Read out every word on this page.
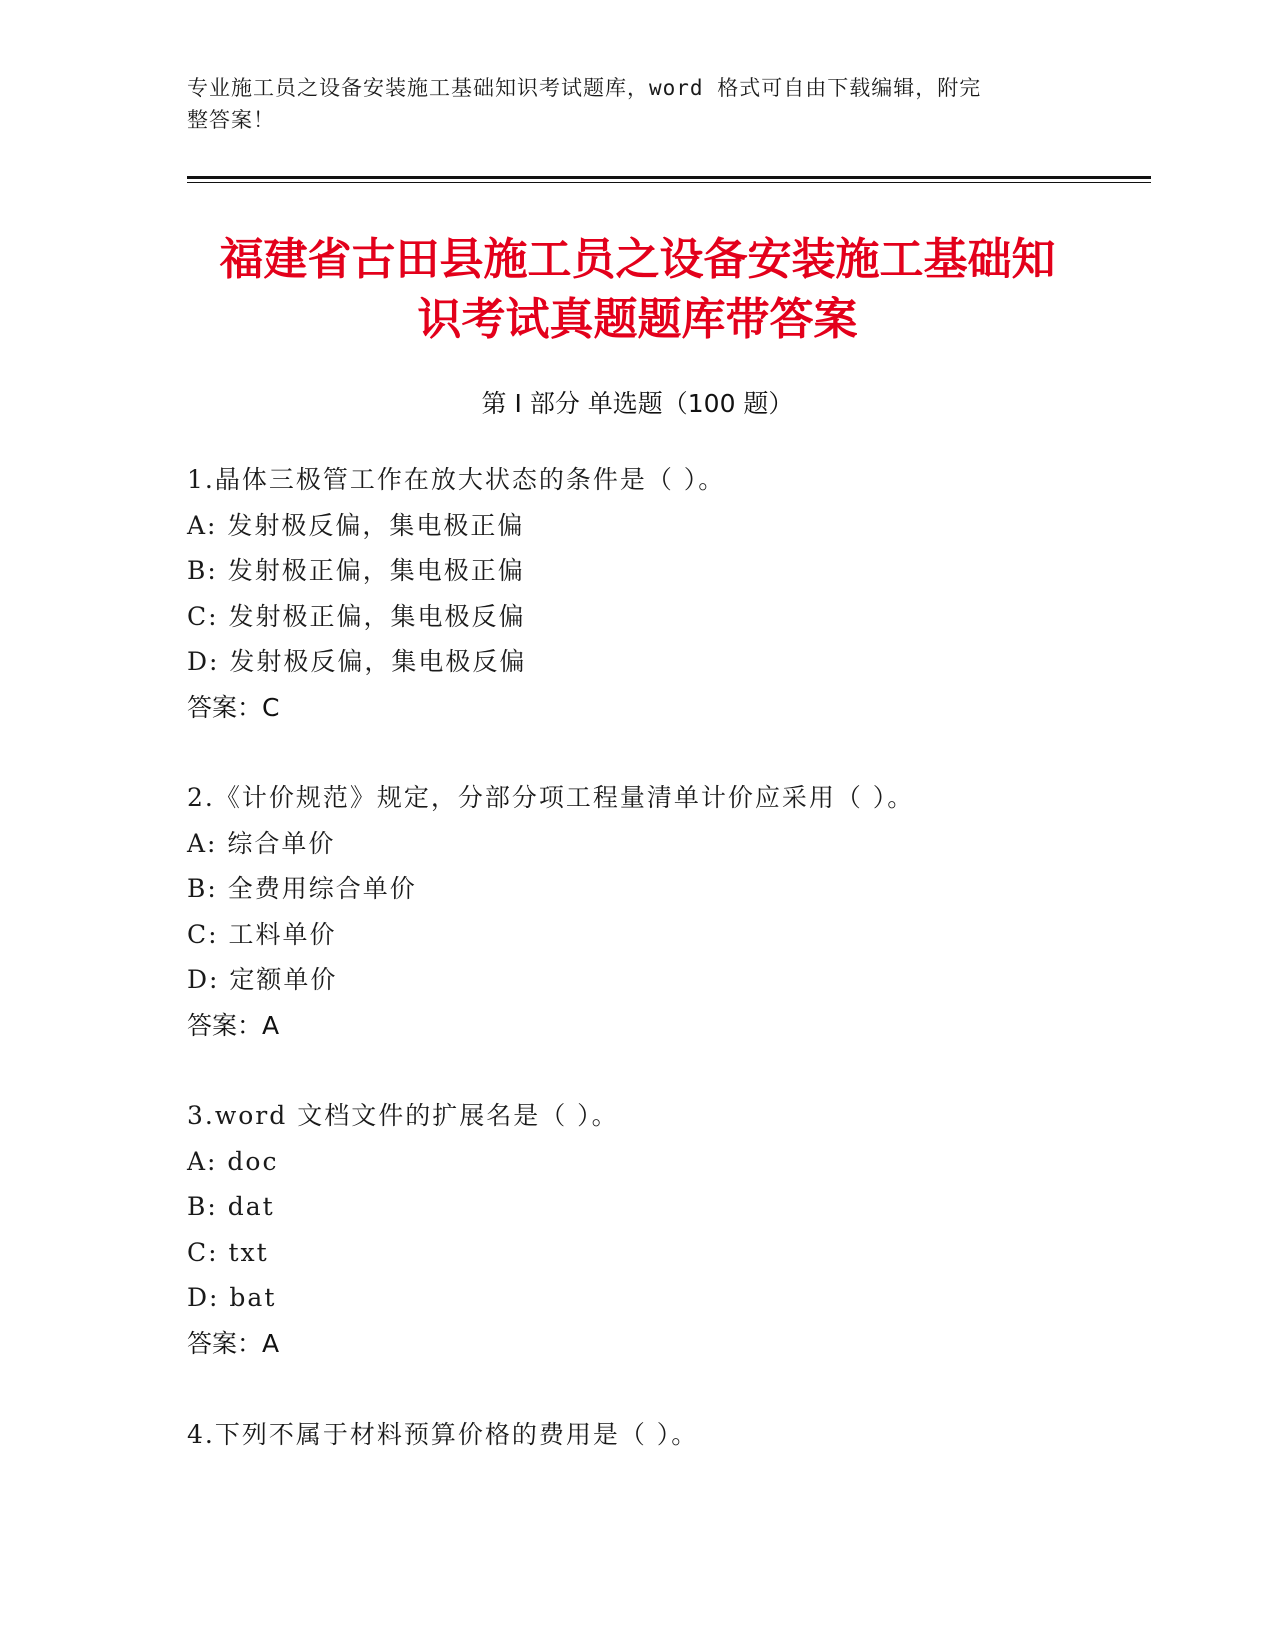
专业施工员之设备安装施工基础知识考试题库，word 格式可自由下载编辑，附完
整答案！
福建省古田县施工员之设备安装施工基础知
识考试真题题库带答案
第 I 部分 单选题（100 题）
1.晶体三极管工作在放大状态的条件是（ ）。
A: 发射极反偏，集电极正偏
B: 发射极正偏，集电极正偏
C: 发射极正偏，集电极反偏
D: 发射极反偏，集电极反偏
答案：C
2.《计价规范》规定，分部分项工程量清单计价应采用（ ）。
A: 综合单价
B: 全费用综合单价
C: 工料单价
D: 定额单价
答案：A
3.word 文档文件的扩展名是（ ）。
A: doc
B: dat
C: txt
D: bat
答案：A
4.下列不属于材料预算价格的费用是（ ）。
